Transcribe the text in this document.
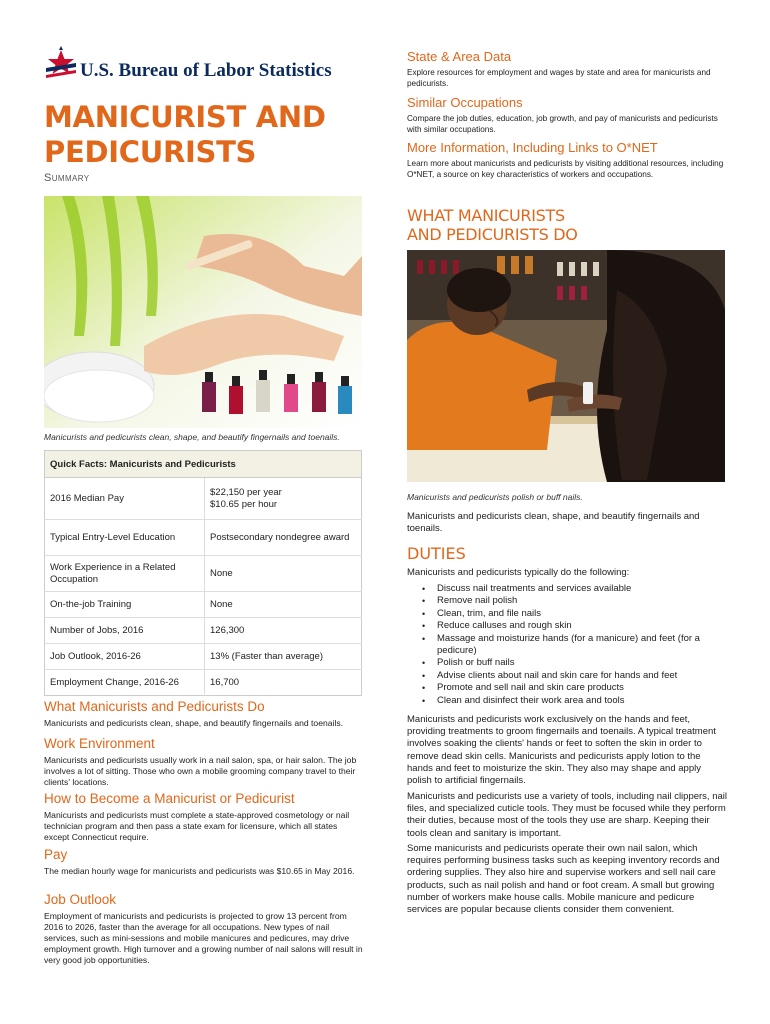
U.S. Bureau of Labor Statistics
MANICURIST AND PEDICURISTS
Summary
Manicurists and pedicurists clean, shape, and beautify fingernails and toenails.
Quick Facts: Manicurists and Pedicurists	
2016 Median Pay	$22,150 per year
$10.65 per hour
Typical Entry-Level Education	Postsecondary nondegree award
Work Experience in a Related Occupation	None
On-the-job Training	None
Number of Jobs, 2016	126,300
Job Outlook, 2016-26	13% (Faster than average)
Employment Change, 2016-26	16,700
What Manicurists and Pedicurists Do

Manicurists and pedicurists clean, shape, and beautify fingernails and toenails.

Work Environment

Manicurists and pedicurists usually work in a nail salon, spa, or hair salon. The job involves a lot of sitting. Those who own a mobile grooming company travel to their clients' locations.

How to Become a Manicurist or Pedicurist

Manicurists and pedicurists must complete a state-approved cosmetology or nail technician program and then pass a state exam for licensure, which all states except Connecticut require.

Pay

The median hourly wage for manicurists and pedicurists was $10.65 in May 2016.

Job Outlook

Employment of manicurists and pedicurists is projected to grow 13 percent from 2016 to 2026, faster than the average for all occupations. New types of nail services, such as mini-sessions and mobile manicures and pedicures, may drive employment growth. High turnover and a growing number of nail salons will result in very good job opportunities.

State & Area Data

Explore resources for employment and wages by state and area for manicurists and pedicurists.

Similar Occupations

Compare the job duties, education, job growth, and pay of manicurists and pedicurists with similar occupations.

More Information, Including Links to O*NET

Learn more about manicurists and pedicurists by visiting additional resources, including O*NET, a source on key characteristics of workers and occupations.

WHAT MANICURISTS
AND PEDICURISTS DO
Manicurists and pedicurists polish or buff nails.
Manicurists and pedicurists clean, shape, and beautify fingernails and toenails.
DUTIES
Manicurists and pedicurists typically do the following:
• Discuss nail treatments and services available
• Remove nail polish
• Clean, trim, and file nails
• Reduce calluses and rough skin
• Massage and moisturize hands (for a manicure) and feet (for a pedicure)
• Polish or buff nails
• Advise clients about nail and skin care for hands and feet
• Promote and sell nail and skin care products
• Clean and disinfect their work area and tools
Manicurists and pedicurists work exclusively on the hands and feet, providing treatments to groom fingernails and toenails. A typical treatment involves soaking the clients' hands or feet to soften the skin in order to remove dead skin cells. Manicurists and pedicurists apply lotion to the hands and feet to moisturize the skin. They also may shape and apply polish to artificial fingernails.
Manicurists and pedicurists use a variety of tools, including nail clippers, nail files, and specialized cuticle tools. They must be focused while they perform their duties, because most of the tools they use are sharp. Keeping their tools clean and sanitary is important.
Some manicurists and pedicurists operate their own nail salon, which requires performing business tasks such as keeping inventory records and ordering supplies. They also hire and supervise workers and sell nail care products, such as nail polish and hand or foot cream. A small but growing number of workers make house calls. Mobile manicure and pedicure services are popular because clients consider them convenient.
